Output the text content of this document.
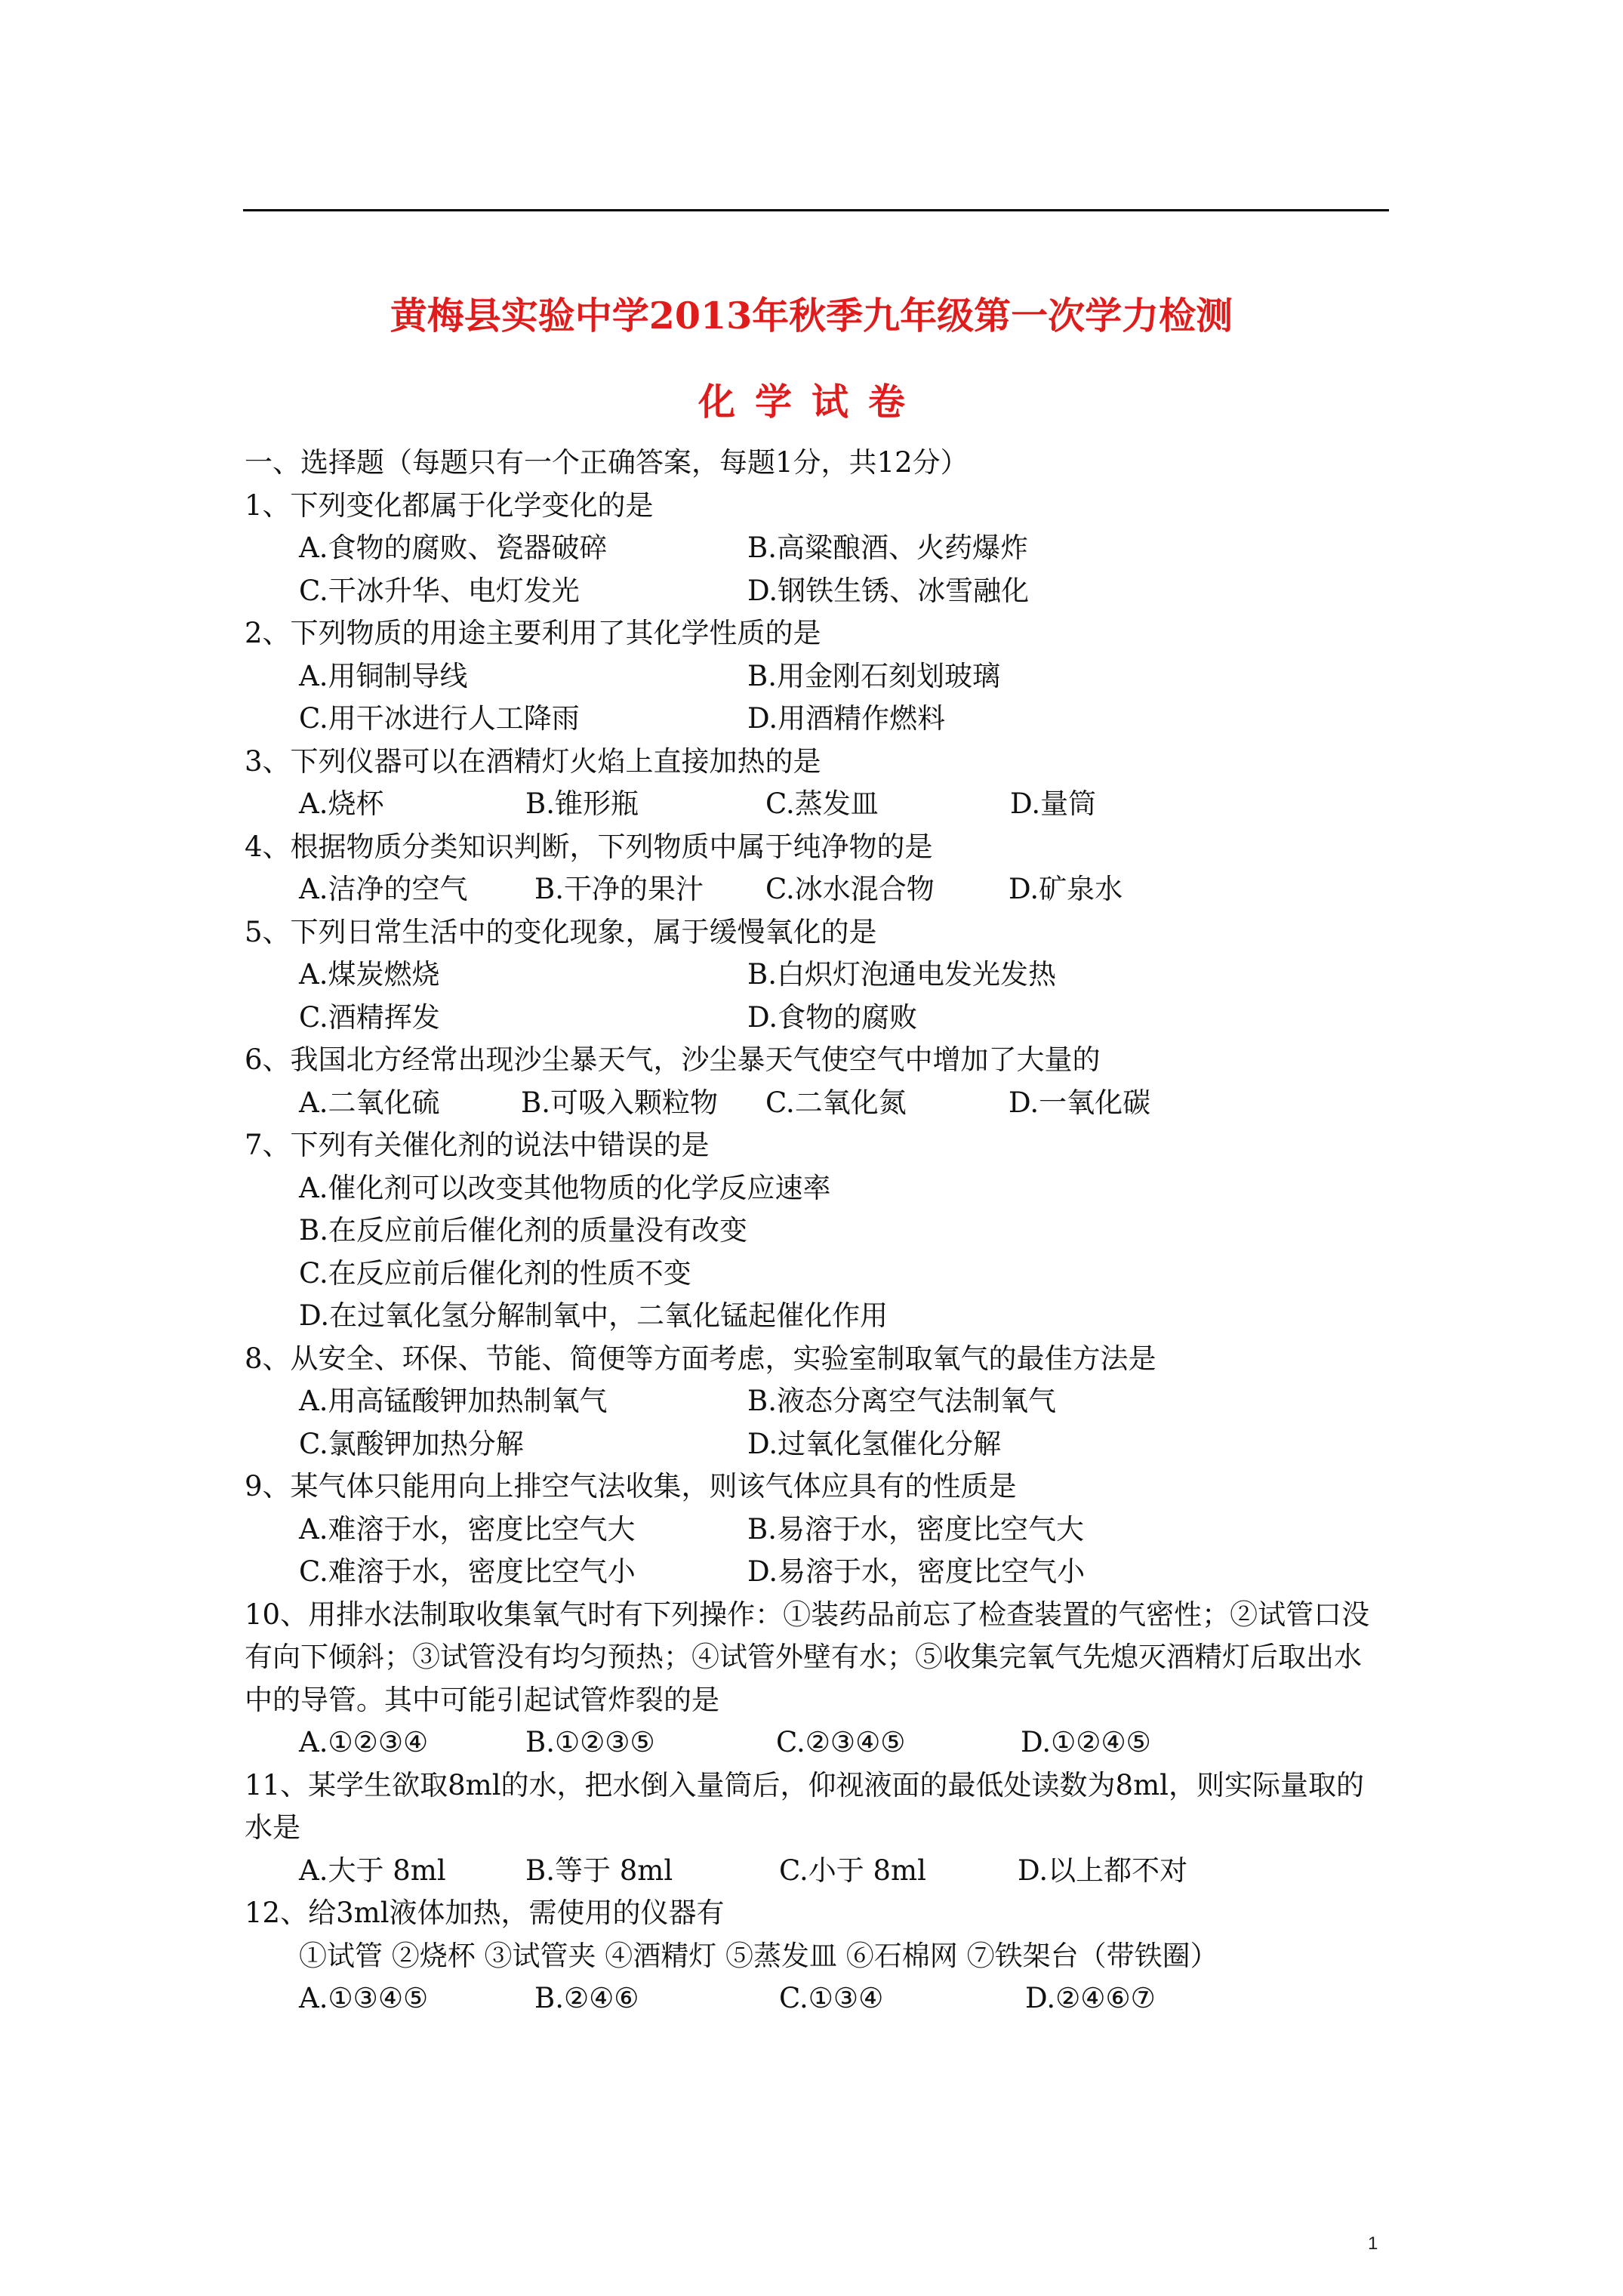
黄梅县实验中学2013年秋季九年级第一次学力检测
化学试卷
一、选择题（每题只有一个正确答案，每题1分，共12分）
1、下列变化都属于化学变化的是
A.食物的腐败、瓷器破碎	B.高粱酿酒、火药爆炸
C.干冰升华、电灯发光	D.钢铁生锈、冰雪融化
2、下列物质的用途主要利用了其化学性质的是
A.用铜制导线	B.用金刚石刻划玻璃
C.用干冰进行人工降雨	D.用酒精作燃料
3、下列仪器可以在酒精灯火焰上直接加热的是
A.烧杯	B.锥形瓶	C.蒸发皿	D.量筒
4、根据物质分类知识判断，下列物质中属于纯净物的是
A.洁净的空气 B.干净的果汁 C.冰水混合物	D.矿泉水
5、下列日常生活中的变化现象，属于缓慢氧化的是
A.煤炭燃烧	B.白炽灯泡通电发光发热
C.酒精挥发	D.食物的腐败
6、我国北方经常出现沙尘暴天气，沙尘暴天气使空气中增加了大量的
A.二氧化硫	B.可吸入颗粒物 C.二氧化氮	D.一氧化碳
7、下列有关催化剂的说法中错误的是
A.催化剂可以改变其他物质的化学反应速率
B.在反应前后催化剂的质量没有改变
C.在反应前后催化剂的性质不变
D.在过氧化氢分解制氧中，二氧化锰起催化作用
8、从安全、环保、节能、简便等方面考虑，实验室制取氧气的最佳方法是
A.用高锰酸钾加热制氧气	B.液态分离空气法制氧气
C.氯酸钾加热分解	D.过氧化氢催化分解
9、某气体只能用向上排空气法收集，则该气体应具有的性质是
A.难溶于水，密度比空气大	B.易溶于水，密度比空气大
C.难溶于水，密度比空气小	D.易溶于水，密度比空气小
10、用排水法制取收集氧气时有下列操作：①装药品前忘了检查装置的气密性；②试管口没
有向下倾斜；③试管没有均匀预热；④试管外壁有水；⑤收集完氧气先熄灭酒精灯后取出水
中的导管。其中可能引起试管炸裂的是
A.①②③④	B.①②③⑤	C.②③④⑤	D.①②④⑤
11、某学生欲取8ml的水，把水倒入量筒后，仰视液面的最低处读数为8ml，则实际量取的
水是
A.大于 8ml	B.等于 8ml	C.小于 8ml	D.以上都不对
12、给3ml液体加热，需使用的仪器有
①试管 ②烧杯 ③试管夹 ④酒精灯 ⑤蒸发皿 ⑥石棉网 ⑦铁架台（带铁圈）
A.①③④⑤	B.②④⑥	C.①③④	D.②④⑥⑦
1
